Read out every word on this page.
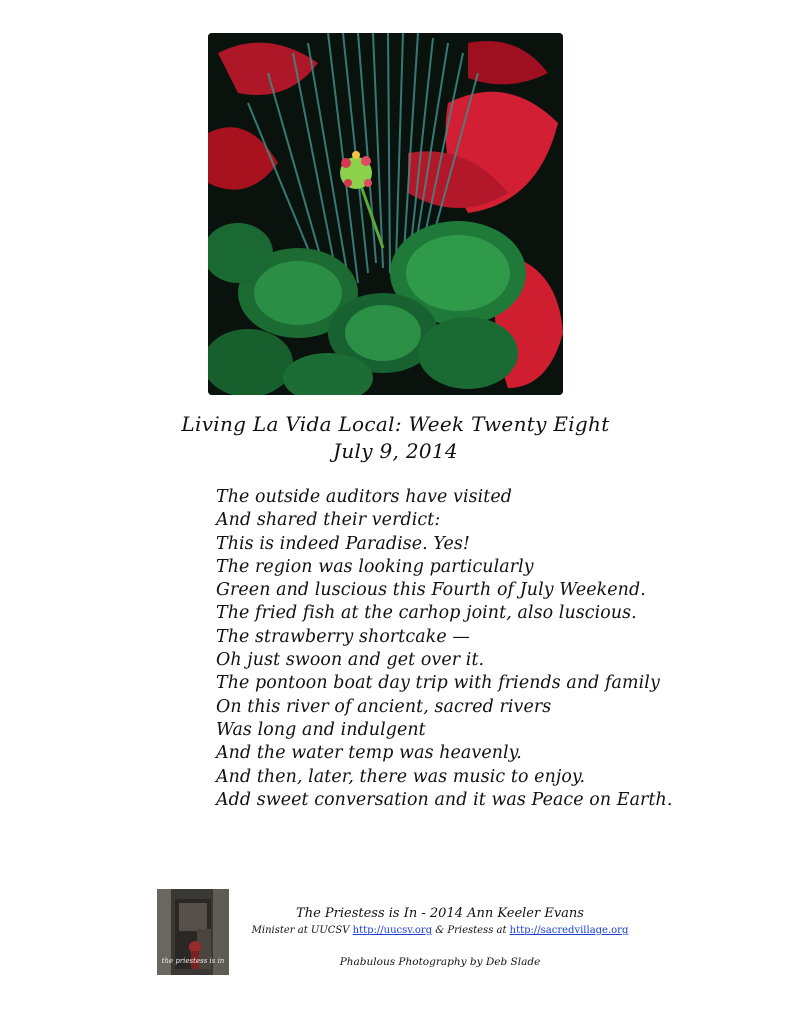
Living La Vida Local: Week Twenty Eight
July 9, 2014
The outside auditors have visited
And shared their verdict:
This is indeed Paradise. Yes!
The region was looking particularly
Green and luscious this Fourth of July Weekend.
The fried fish at the carhop joint, also luscious.
The strawberry shortcake —
Oh just swoon and get over it.
The pontoon boat day trip with friends and family
On this river of ancient, sacred rivers
Was long and indulgent
And the water temp was heavenly.
And then, later, there was music to enjoy.
Add sweet conversation and it was Peace on Earth.
the priestess is in
The Priestess is In - 2014 Ann Keeler Evans
Minister at UUCSV http://uucsv.org & Priestess at http://sacredvillage.org
Phabulous Photography by Deb Slade
